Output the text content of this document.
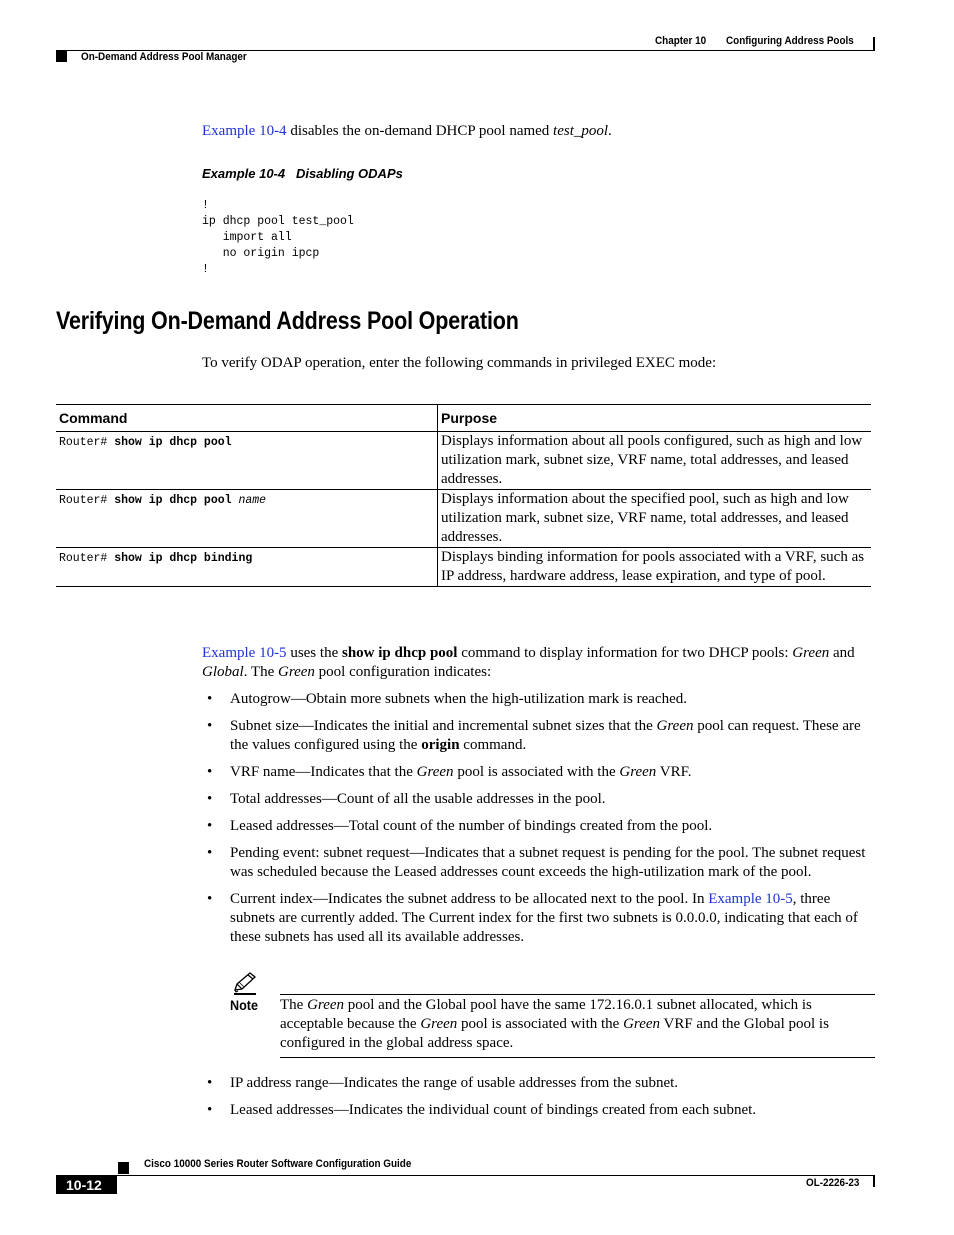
Chapter 10 Configuring Address Pools
On-Demand Address Pool Manager
Example 10-4 disables the on-demand DHCP pool named test_pool.
Example 10-4   Disabling ODAPs
!
ip dhcp pool test_pool
import all
no origin ipcp
!
Verifying On-Demand Address Pool Operation
To verify ODAP operation, enter the following commands in privileged EXEC mode:
Command	Purpose

Router# show ip dhcp pool	Displays information about all pools configured, such as high and low utilization mark, subnet size, VRF name, total addresses, and leased addresses.

Router# show ip dhcp pool name	Displays information about the specified pool, such as high and low utilization mark, subnet size, VRF name, total addresses, and leased addresses.

Router# show ip dhcp binding	Displays binding information for pools associated with a VRF, such as IP address, hardware address, lease expiration, and type of pool.
Example 10-5 uses the show ip dhcp pool command to display information for two DHCP pools: Green and Global. The Green pool configuration indicates:
• Autogrow—Obtain more subnets when the high-utilization mark is reached.
• Subnet size—Indicates the initial and incremental subnet sizes that the Green pool can request. These are the values configured using the origin command.
• VRF name—Indicates that the Green pool is associated with the Green VRF.
• Total addresses—Count of all the usable addresses in the pool.
• Leased addresses—Total count of the number of bindings created from the pool.
• Pending event: subnet request—Indicates that a subnet request is pending for the pool. The subnet request was scheduled because the Leased addresses count exceeds the high-utilization mark of the pool.
• Current index—Indicates the subnet address to be allocated next to the pool. In Example 10-5, three subnets are currently added. The Current index for the first two subnets is 0.0.0.0, indicating that each of these subnets has used all its available addresses.
Note The Green pool and the Global pool have the same 172.16.0.1 subnet allocated, which is acceptable because the Green pool is associated with the Green VRF and the Global pool is configured in the global address space.
• IP address range—Indicates the range of usable addresses from the subnet.
• Leased addresses—Indicates the individual count of bindings created from each subnet.
Cisco 10000 Series Router Software Configuration Guide
10-12	OL-2226-23
